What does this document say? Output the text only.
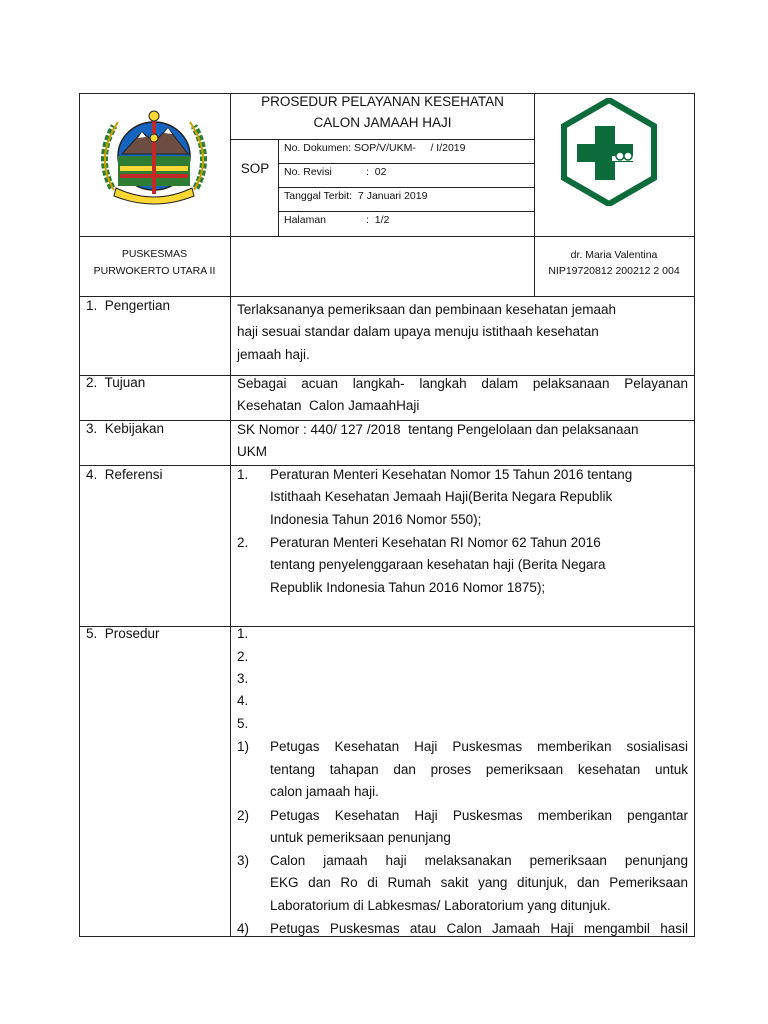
PROSEDUR PELAYANAN KESEHATAN
CALON JAMAAH HAJI
SOP
No. Dokumen: SOP/V/UKM-     / I/2019
No. Revisi	:  02
Tanggal Terbit:  7 Januari 2019
Halaman	:  1/2
PUSKESMAS
PURWOKERTO UTARA II
dr. Maria Valentina
NIP19720812 200212 2 004
1.  Pengertian	Terlaksananya pemeriksaan dan pembinaan kesehatan jemaah
haji sesuai standar dalam upaya menuju istithaah kesehatan
jemaah haji.
2.  Tujuan	Sebagai acuan langkah- langkah dalam pelaksanaan Pelayanan
Kesehatan  Calon JamaahHaji
3.  Kebijakan	SK Nomor : 440/ 127 /2018  tentang Pengelolaan dan pelaksanaan
UKM
4.  Referensi	1. Peraturan Menteri Kesehatan Nomor 15 Tahun 2016 tentang
Istithaah Kesehatan Jemaah Haji(Berita Negara Republik
Indonesia Tahun 2016 Nomor 550);
2. Peraturan Menteri Kesehatan RI Nomor 62 Tahun 2016
tentang penyelenggaraan kesehatan haji (Berita Negara
Republik Indonesia Tahun 2016 Nomor 1875);
5.  Prosedur	1.
2.
3.
4.
5.
1) Petugas Kesehatan Haji Puskesmas memberikan sosialisasi
tentang tahapan dan proses pemeriksaan kesehatan untuk
calon jamaah haji.
2) Petugas Kesehatan Haji Puskesmas memberikan pengantar
untuk pemeriksaan penunjang
3) Calon jamaah haji melaksanakan pemeriksaan penunjang
EKG dan Ro di Rumah sakit yang ditunjuk, dan Pemeriksaan
Laboratorium di Labkesmas/ Laboratorium yang ditunjuk.
4) Petugas Puskesmas atau Calon Jamaah Haji mengambil hasil
